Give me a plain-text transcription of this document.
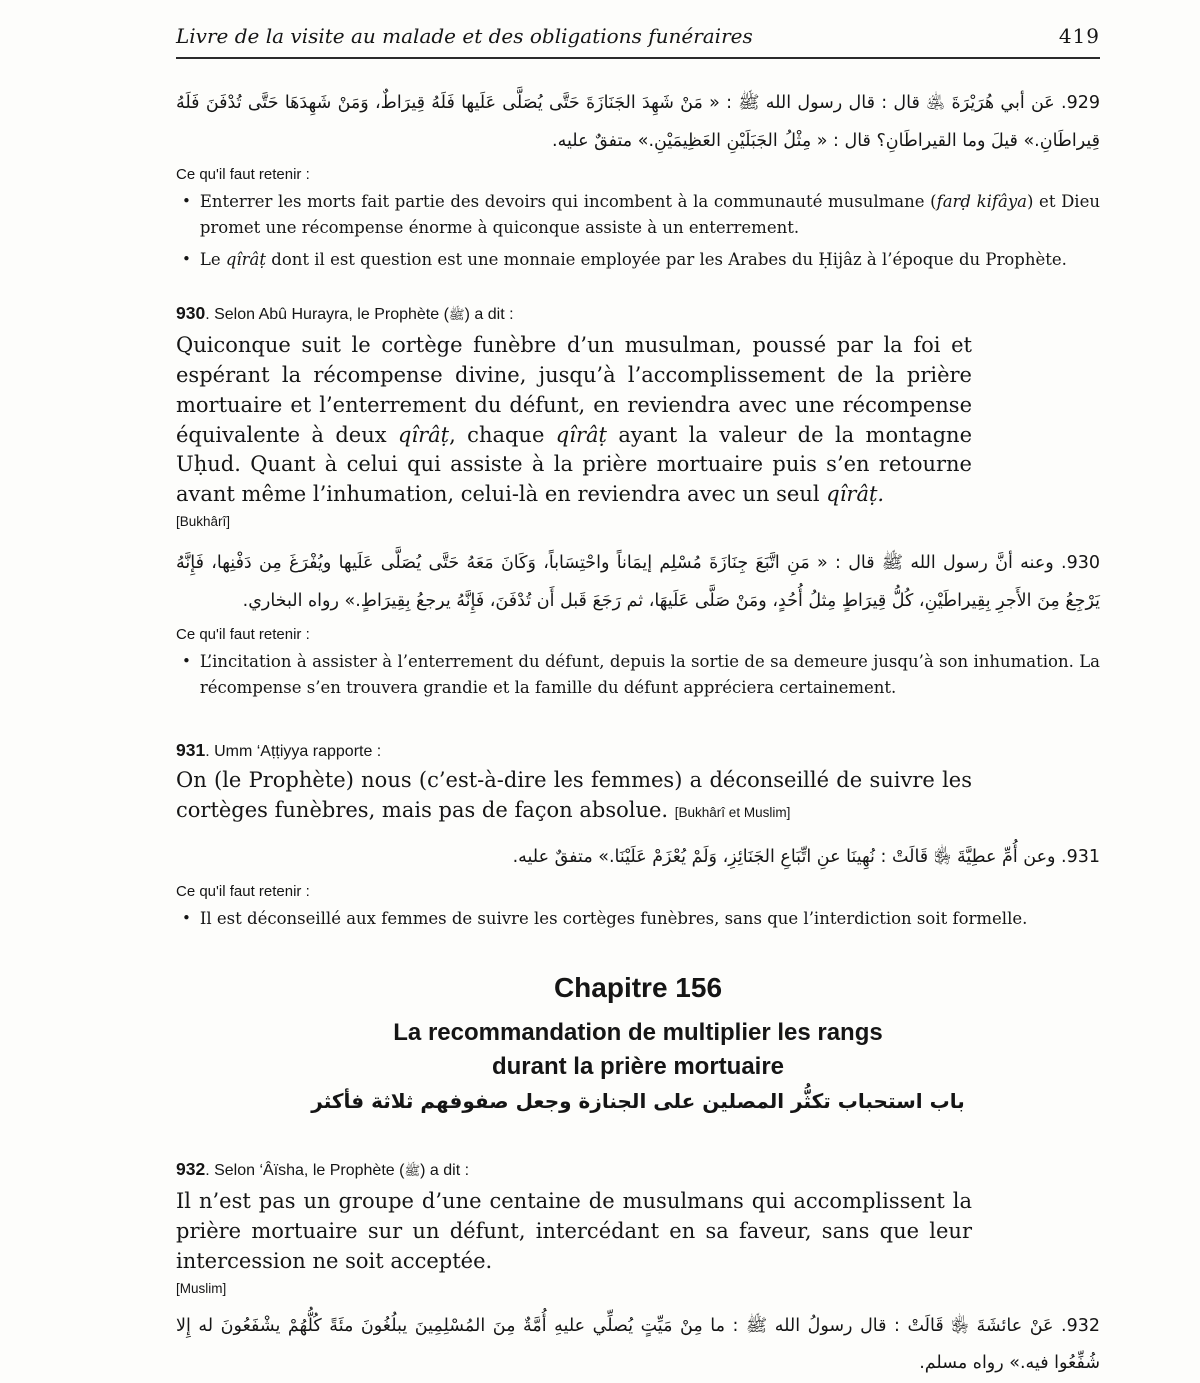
Livre de la visite au malade et des obligations funéraires	419

929. عَن أبي هُرَيْرَةَ ﵁ قال : قال رسول الله ﷺ : « مَنْ شَهِدَ الجَنَازَةَ حَتَّى يُصَلَّى عَلَيها فَلَهُ قِيرَاطٌ، وَمَنْ شَهِدَهَا حَتَّى تُدْفَنَ فَلَهُ قِيراطَانِ.» قيلَ وما القيراطَانِ؟ قال : « مِثْلُ الجَبَلَيْنِ العَظِيمَيْنِ.» متفقٌ عليه.

Ce qu'il faut retenir :
• Enterrer les morts fait partie des devoirs qui incombent à la communauté musulmane (farḍ kifâya) et Dieu promet une récompense énorme à quiconque assiste à un enterrement.
• Le qîrâṭ dont il est question est une monnaie employée par les Arabes du Ḥijâz à l’époque du Prophète.
930. Selon Abû Hurayra, le Prophète (ﷺ) a dit :

Quiconque suit le cortège funèbre d’un musulman, poussé par la foi et espérant la récompense divine, jusqu’à l’accomplissement de la prière mortuaire et l’enterrement du défunt, en reviendra avec une récompense équivalente à deux qîrâṭ, chaque qîrâṭ ayant la valeur de la montagne Uḥud. Quant à celui qui assiste à la prière mortuaire puis s’en retourne avant même l’inhumation, celui-là en reviendra avec un seul qîrâṭ.

[Bukhârî]

930. وعنه أنَّ رسول الله ﷺ قال : « مَنِ اتَّبَعَ جِنَازَةَ مُسْلِم إيمَاناً واحْتِسَاباً، وَكَانَ مَعَهُ حَتَّى يُصَلَّى عَلَيها ويُفْرَغَ مِن دَفْنِها، فَإِنَّهُ يَرْجِعُ مِنَ الأَجرِ بِقِيراطَيْنِ، كُلُّ قِيرَاطٍ مِثلُ أُحُدٍ، ومَنْ صَلَّى عَلَيهَا، ثم رَجَعَ قَبل أَن تُدْفَنَ، فَإِنَّهُ يرجعُ بِقِيرَاطٍ.» رواه البخاري.

Ce qu'il faut retenir :
• L’incitation à assister à l’enterrement du défunt, depuis la sortie de sa demeure jusqu’à son inhumation. La récompense s’en trouvera grandie et la famille du défunt appréciera certainement.
931. Umm ‘Aṭṭiyya rapporte :

On (le Prophète) nous (c’est-à-dire les femmes) a déconseillé de suivre les cortèges funèbres, mais pas de façon absolue. [Bukhârî et Muslim]

931. وعن أُمِّ عطِيَّةَ ﵂ قَالَتْ : نُهِينَا عنِ اتِّبَاعِ الجَنَائِزِ، وَلَمْ يُعْزَمْ عَلَيْنَا.» متفقٌ عليه.

Ce qu'il faut retenir :
• Il est déconseillé aux femmes de suivre les cortèges funèbres, sans que l’interdiction soit formelle.
Chapitre 156
La recommandation de multiplier les rangs
durant la prière mortuaire
باب استحباب تكثُّر المصلين على الجنازة وجعل صفوفهم ثلاثة فأكثر
932. Selon ‘Âïsha, le Prophète (ﷺ) a dit :

Il n’est pas un groupe d’une centaine de musulmans qui accomplissent la prière mortuaire sur un défunt, intercédant en sa faveur, sans que leur intercession ne soit acceptée.

[Muslim]

932. عَنْ عائشَةَ ﵂ قَالَتْ : قال رسولُ الله ﷺ : ما مِنْ مَيِّتٍ يُصلِّي عليهِ أُمَّةٌ مِنَ المُسْلِمِينَ يبلُغُونَ مئَةً كُلُّهُمْ يشْفَعُونَ له إِلا شُفِّعُوا فيه.» رواه مسلم.
